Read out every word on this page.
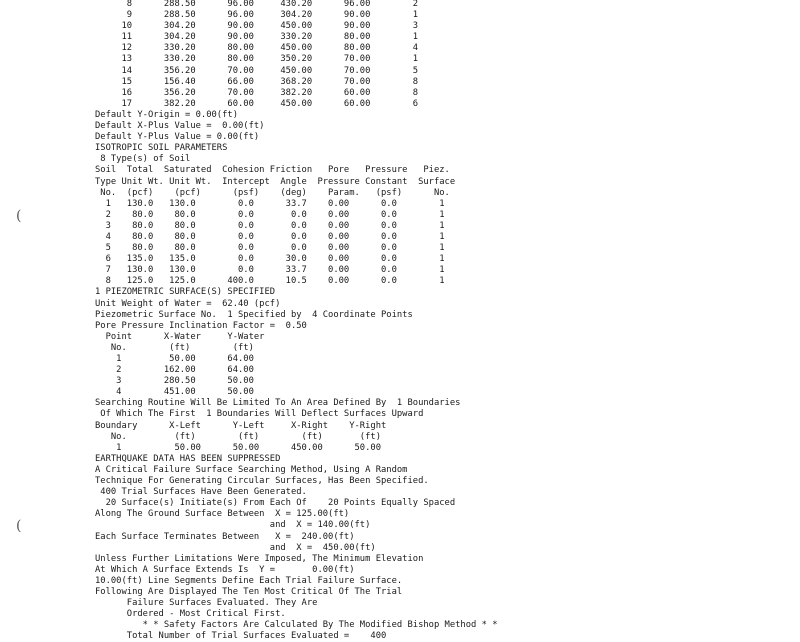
(
(
8      288.50      96.00     430.20      96.00        2
9      288.50      96.00     304.20      90.00        1
10      304.20      90.00     450.00      90.00        3
11      304.20      90.00     330.20      80.00        1
12      330.20      80.00     450.00      80.00        4
13      330.20      80.00     350.20      70.00        1
14      356.20      70.00     450.00      70.00        5
15      156.40      66.00     368.20      70.00        8
16      356.20      70.00     382.20      60.00        8
17      382.20      60.00     450.00      60.00        6
Default Y-Origin = 0.00(ft)
Default X-Plus Value =  0.00(ft)
Default Y-Plus Value = 0.00(ft)
ISOTROPIC SOIL PARAMETERS
8 Type(s) of Soil
Soil  Total  Saturated  Cohesion Friction   Pore   Pressure   Piez.
Type Unit Wt. Unit Wt.  Intercept  Angle  Pressure Constant  Surface
No.  (pcf)    (pcf)      (psf)    (deg)    Param.   (psf)      No.
1   130.0   130.0        0.0      33.7    0.00      0.0        1
2    80.0    80.0        0.0       0.0    0.00      0.0        1
3    80.0    80.0        0.0       0.0    0.00      0.0        1
4    80.0    80.0        0.0       0.0    0.00      0.0        1
5    80.0    80.0        0.0       0.0    0.00      0.0        1
6   135.0   135.0        0.0      30.0    0.00      0.0        1
7   130.0   130.0        0.0      33.7    0.00      0.0        1
8   125.0   125.0      400.0      10.5    0.00      0.0        1
1 PIEZOMETRIC SURFACE(S) SPECIFIED
Unit Weight of Water =  62.40 (pcf)
Piezometric Surface No.  1 Specified by  4 Coordinate Points
Pore Pressure Inclination Factor =  0.50
Point      X-Water     Y-Water
No.        (ft)        (ft)
1         50.00      64.00
2        162.00      64.00
3        280.50      50.00
4        451.00      50.00
Searching Routine Will Be Limited To An Area Defined By  1 Boundaries
Of Which The First  1 Boundaries Will Deflect Surfaces Upward
Boundary      X-Left      Y-Left     X-Right    Y-Right
No.         (ft)        (ft)        (ft)       (ft)
1          50.00      50.00      450.00      50.00
EARTHQUAKE DATA HAS BEEN SUPPRESSED
A Critical Failure Surface Searching Method, Using A Random
Technique For Generating Circular Surfaces, Has Been Specified.
400 Trial Surfaces Have Been Generated.
20 Surface(s) Initiate(s) From Each Of    20 Points Equally Spaced
Along The Ground Surface Between  X = 125.00(ft)
and  X = 140.00(ft)
Each Surface Terminates Between   X =  240.00(ft)
and  X =  450.00(ft)
Unless Further Limitations Were Imposed, The Minimum Elevation
At Which A Surface Extends Is  Y =       0.00(ft)
10.00(ft) Line Segments Define Each Trial Failure Surface.
Following Are Displayed The Ten Most Critical Of The Trial
Failure Surfaces Evaluated. They Are
Ordered - Most Critical First.
* * Safety Factors Are Calculated By The Modified Bishop Method * *
Total Number of Trial Surfaces Evaluated =    400
